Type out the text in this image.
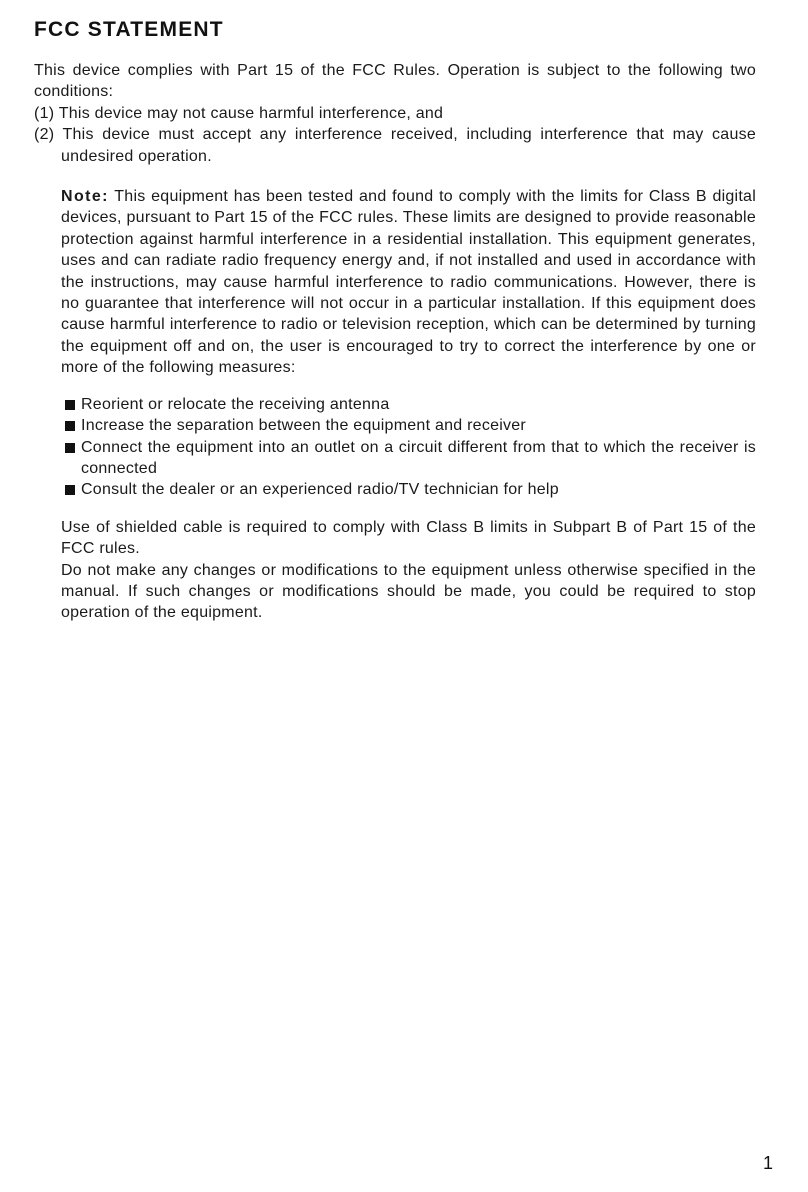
FCC STATEMENT

This device complies with Part 15 of the FCC Rules. Operation is subject to the following two conditions:

(1) This device may not cause harmful interference, and
(2) This device must accept any interference received, including interference that may cause undesired operation.

Note: This equipment has been tested and found to comply with the limits for Class B digital devices, pursuant to Part 15 of the FCC rules. These limits are designed to provide reasonable protection against harmful interference in a residential installation. This equipment generates, uses and can radiate radio frequency energy and, if not installed and used in accordance with the instructions, may cause harmful interference to radio communications. However, there is no guarantee that interference will not occur in a particular installation. If this equipment does cause harmful interference to radio or television reception, which can be determined by turning the equipment off and on, the user is encouraged to try to correct the interference by one or more of the following measures:

Reorient or relocate the receiving antenna
Increase the separation between the equipment and receiver
Connect the equipment into an outlet on a circuit different from that to which the receiver is connected
Consult the dealer or an experienced radio/TV technician for help

Use of shielded cable is required to comply with Class B limits in Subpart B of Part 15 of the FCC rules.

Do not make any changes or modifications to the equipment unless otherwise specified in the manual. If such changes or modifications should be made, you could be required to stop operation of the equipment.

1
